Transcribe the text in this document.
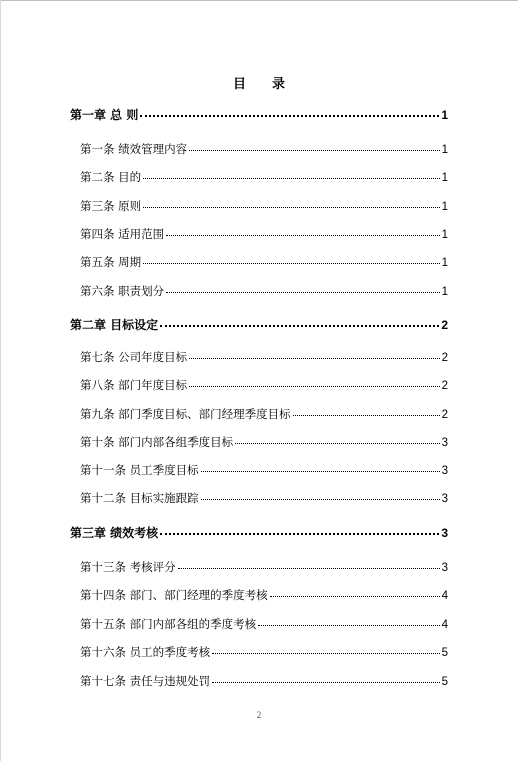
目 录
第一章 总 则	1
第一条 绩效管理内容	1
第二条 目的	1
第三条 原则	1
第四条 适用范围	1
第五条 周期	1
第六条 职责划分	1
第二章 目标设定	2
第七条 公司年度目标	2
第八条 部门年度目标	2
第九条 部门季度目标、部门经理季度目标	2
第十条 部门内部各组季度目标	3
第十一条 员工季度目标	3
第十二条 目标实施跟踪	3
第三章 绩效考核	3
第十三条 考核评分	3
第十四条 部门、部门经理的季度考核	4
第十五条 部门内部各组的季度考核	4
第十六条 员工的季度考核	5
第十七条 责任与违规处罚	5
2
